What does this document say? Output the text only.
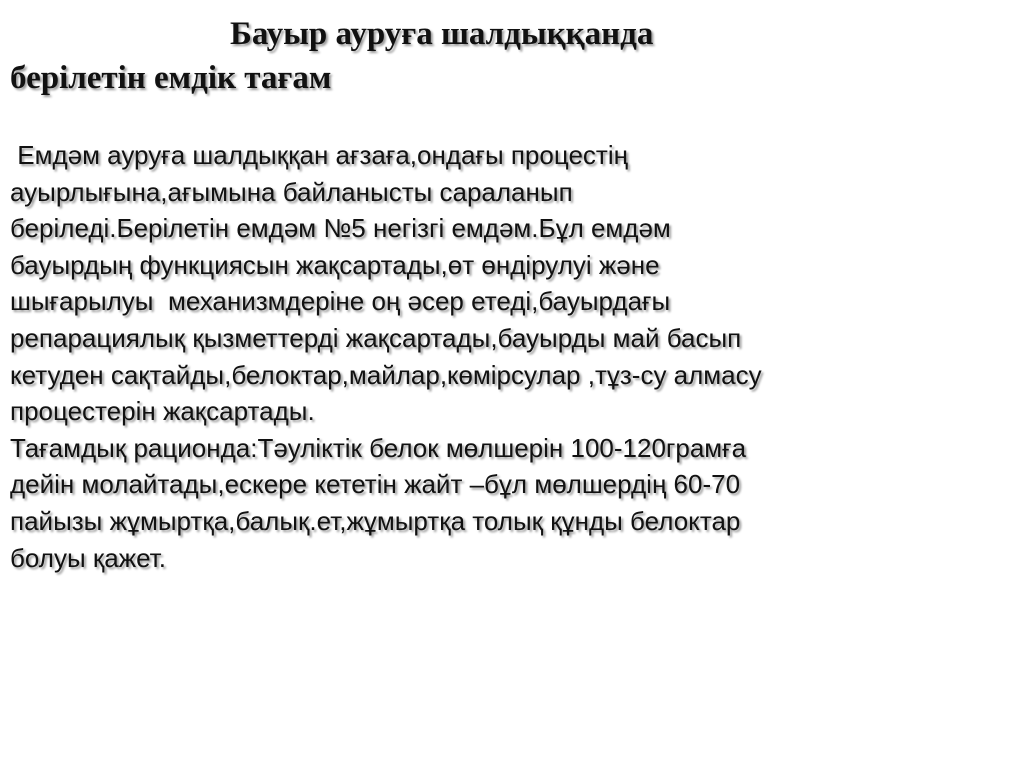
Бауыр ауруға шалдыққанда
берілетін емдік тағам
Емдәм ауруға шалдыққан ағзаға,ондағы процестің
ауырлығына,ағымына байланысты сараланып
беріледі.Берілетін емдәм №5 негізгі емдәм.Бұл емдәм
бауырдың функциясын жақсартады,өт өндірулуі және
шығарылуы  механизмдеріне оң әсер етеді,бауырдағы
репарациялық қызметтерді жақсартады,бауырды май басып
кетуден сақтайды,белоктар,майлар,көмірсулар ,тұз-су алмасу
процестерін жақсартады.
Тағамдық рационда:Тәуліктік белок мөлшерін 100-120грамға
дейін молайтады,ескере кететін жайт –бұл мөлшердің 60-70
пайызы жұмыртқа,балық.ет,жұмыртқа толық құнды белоктар
болуы қажет.
